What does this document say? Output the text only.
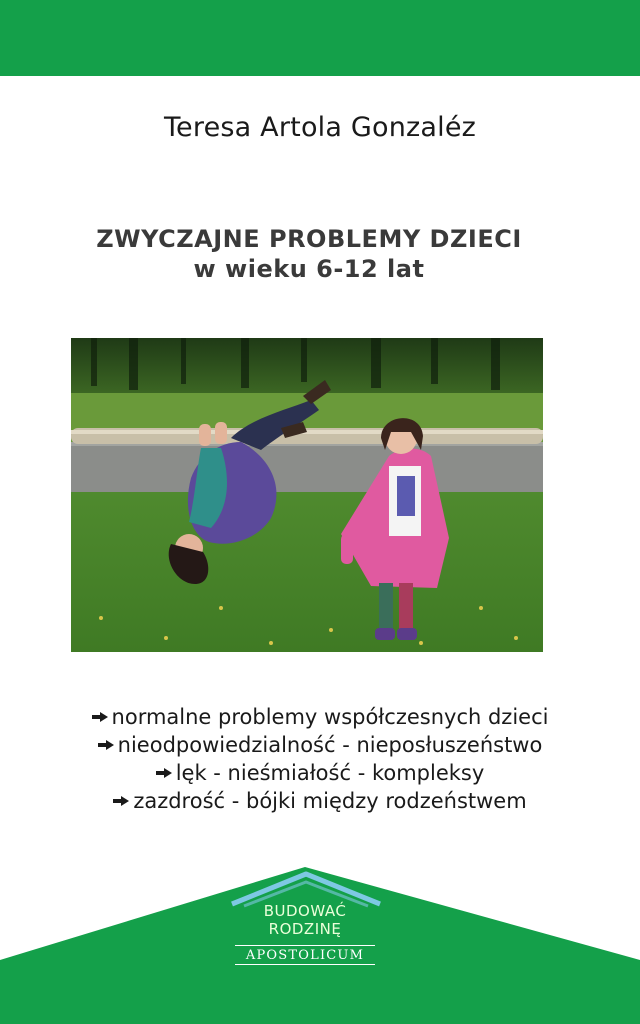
Teresa Artola Gonzaléz
ZWYCZAJNE PROBLEMY DZIECI
w wieku 6-12 lat
normalne problemy współczesnych dzieci
nieodpowiedzialność - nieposłuszeństwo
lęk - nieśmiałość - kompleksy
zazdrość - bójki między rodzeństwem
BUDOWAĆ
RODZINĘ
APOSTOLICUM
